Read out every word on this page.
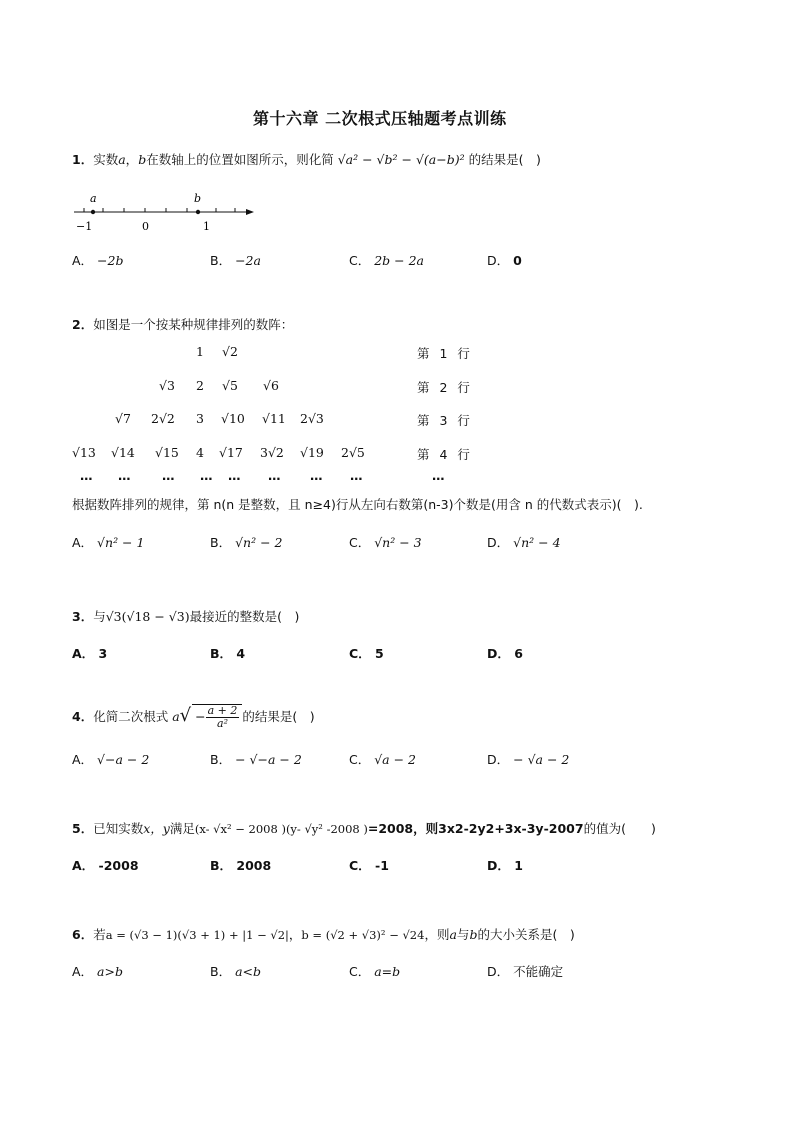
第十六章 二次根式压轴题考点训练
1．实数a，b在数轴上的位置如图所示，则化简 √a² − √b² − √(a−b)² 的结果是(　)
a	b
−1	0	1
A． −2b	B． −2a	C． 2b − 2a	D． 0
2．如图是一个按某种规律排列的数阵：
1 √2	第 1 行
√3 2 √5 √6	第 2 行
√7 2√2 3 √10 √11 2√3	第 3 行
√13 √14 √15 4 √17 3√2 √19 2√5	第 4 行
… …	… … … … … …	…
根据数阵排列的规律，第 n(n 是整数，且 n≥4)行从左向右数第(n-3)个数是(用含 n 的代数式表示)(　).
A． √n² − 1	B． √n² − 2	C． √n² − 3	D． √n² − 4
3．与√3(√18 − √3)最接近的整数是(　)
A． 3	B． 4	C． 5	D． 6
4．化简二次根式 $a√ - \frac{a + 2}{\text{a²}}$ 的结果是(　)
A． √−a − 2	B． − √−a − 2	C． √a − 2	D． − √a − 2
5．已知实数x，y满足(x- √x² − 2008 )(y- √y² -2008 )=2008，则3x2-2y2+3x-3y-2007的值为(　　)
A． -2008	B． 2008	C． -1	D． 1
6．若a = (√3 − 1)(√3 + 1) + |1 − √2|，b = (√2 + √3)² − √24，则a与b的大小关系是(　)
A． a>b	B． a<b	C． a=b	D． 不能确定
